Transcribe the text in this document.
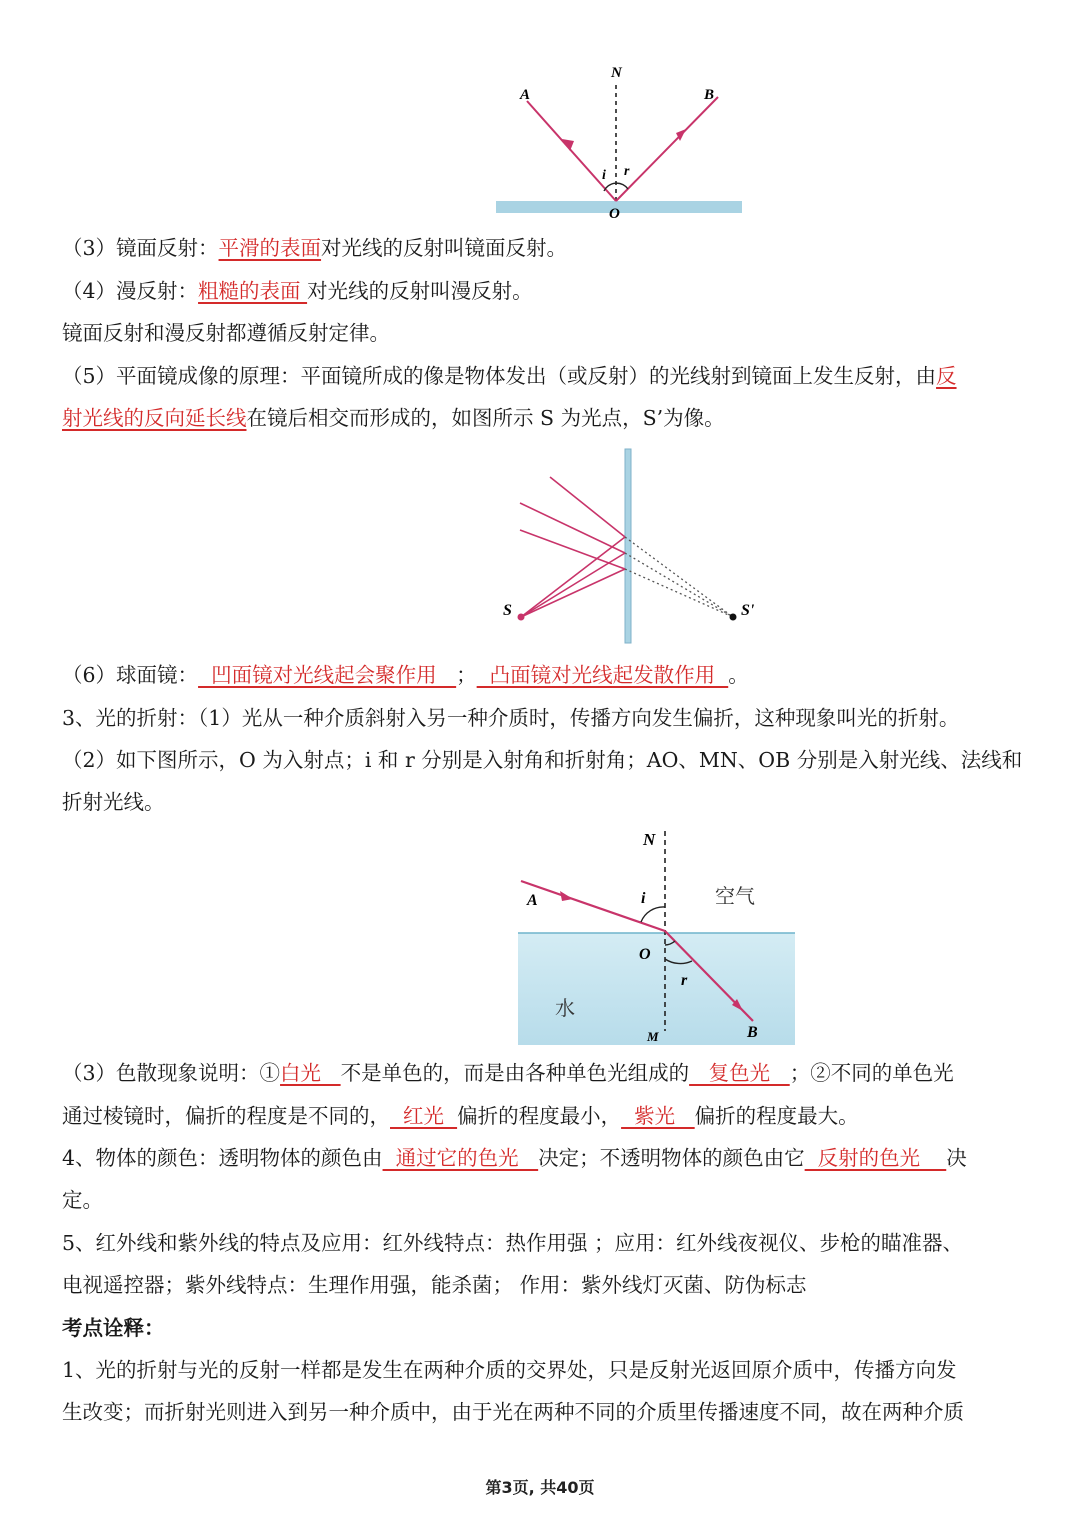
N
A	B
i r
O
（3）镜面反射：平滑的表面对光线的反射叫镜面反射。
（4）漫反射：粗糙的表面 对光线的反射叫漫反射。
镜面反射和漫反射都遵循反射定律。
（5）平面镜成像的原理：平面镜所成的像是物体发出（或反射）的光线射到镜面上发生反射，由反
射光线的反向延长线在镜后相交而形成的，如图所示 S 为光点，S’为像。
S	S'
（6）球面镜：  凹面镜对光线起会聚作用   ；  凸面镜对光线起发散作用  。
3、光的折射：（1）光从一种介质斜射入另一种介质时，传播方向发生偏折，这种现象叫光的折射。
（2）如下图所示，O 为入射点；i 和 r 分别是入射角和折射角；AO、MN、OB 分别是入射光线、法线和
折射光线。
N
A	i	空气
O
r
水
M	B
（3）色散现象说明：①白光   不是单色的，而是由各种单色光组成的   复色光   ；②不同的单色光
通过棱镜时，偏折的程度是不同的，  红光  偏折的程度最小，  紫光   偏折的程度最大。
4、物体的颜色：透明物体的颜色由  通过它的色光   决定；不透明物体的颜色由它  反射的色光    决
定。
5、红外线和紫外线的特点及应用：红外线特点：热作用强 ；应用：红外线夜视仪、步枪的瞄准器、
电视遥控器；紫外线特点：生理作用强，能杀菌； 作用：紫外线灯灭菌、防伪标志
考点诠释：
1、光的折射与光的反射一样都是发生在两种介质的交界处，只是反射光返回原介质中，传播方向发
生改变；而折射光则进入到另一种介质中，由于光在两种不同的介质里传播速度不同，故在两种介质
第3页, 共40页
